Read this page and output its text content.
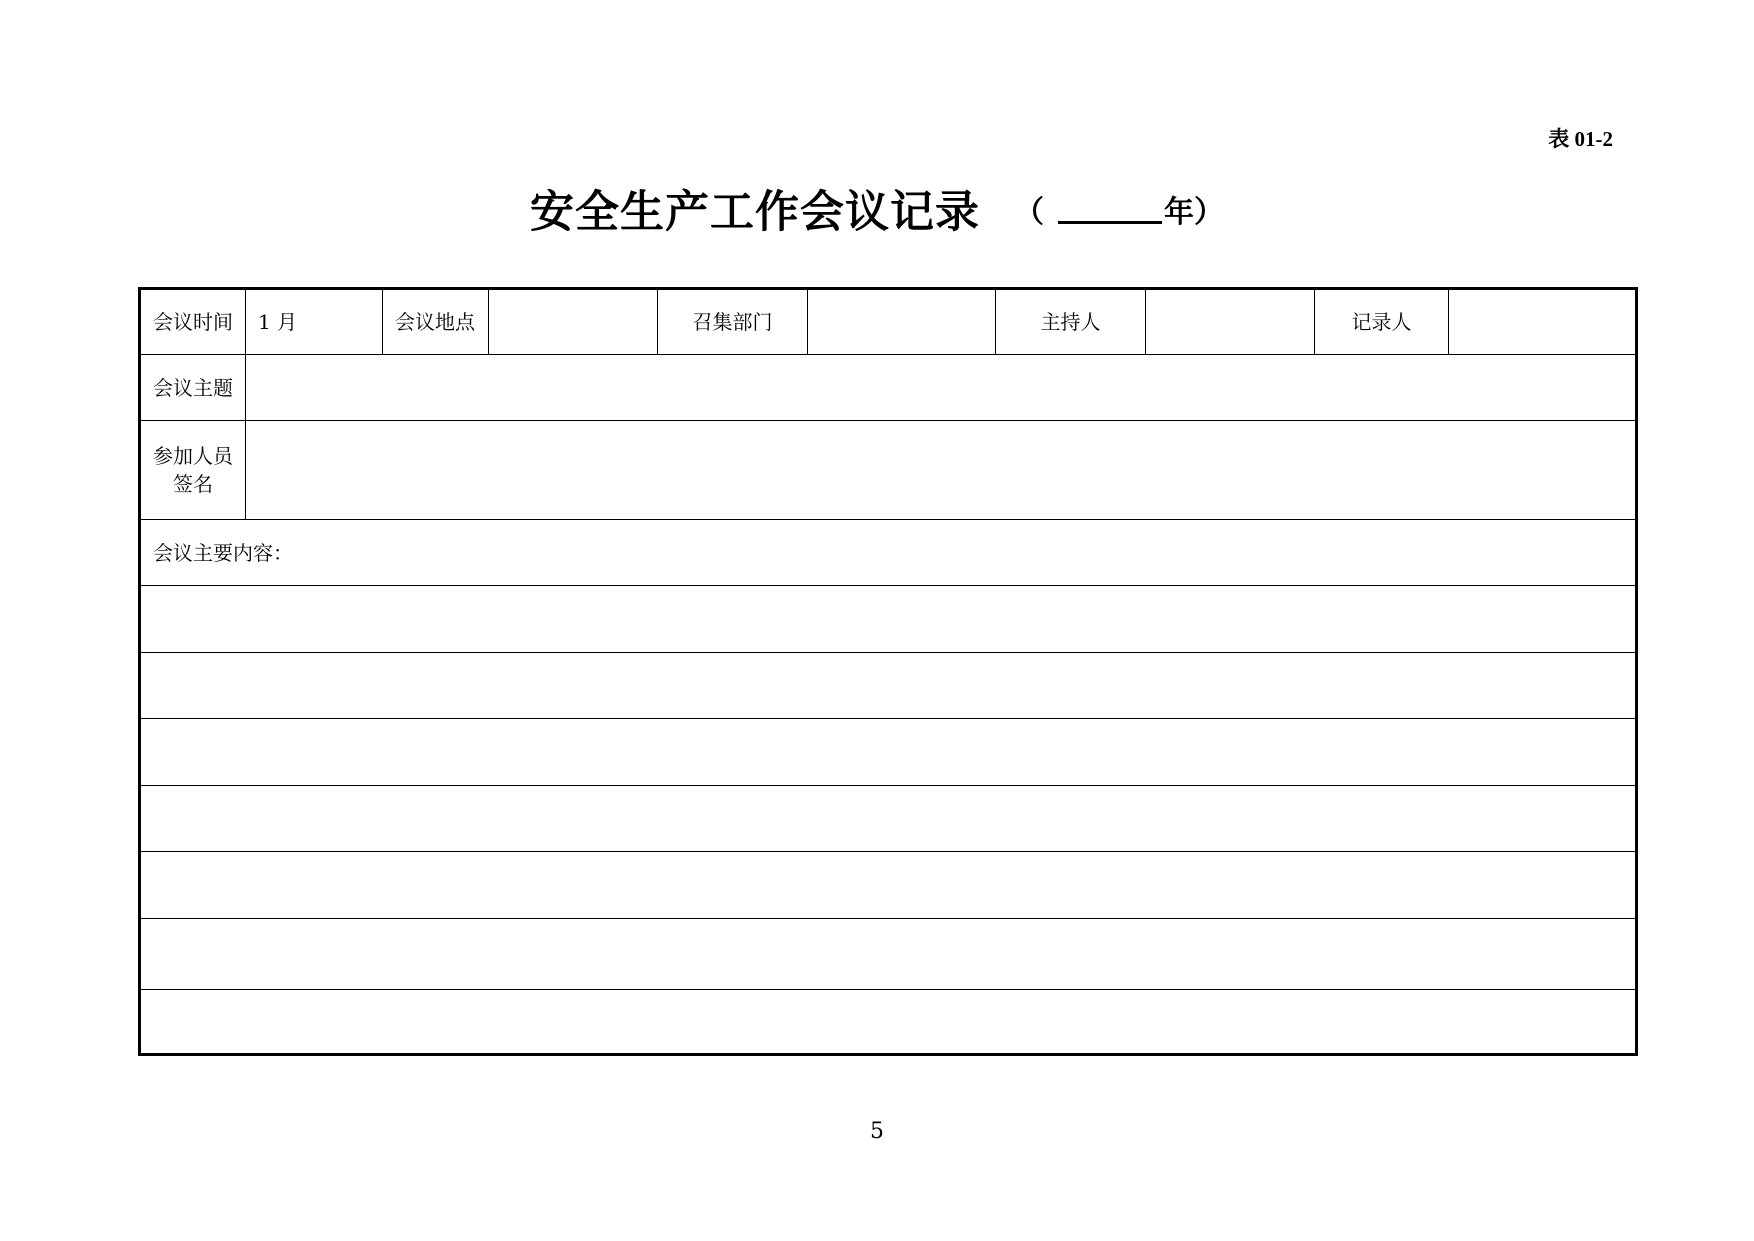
表 01-2
安全生产工作会议记录 （	年）
会议时间	1 月	会议地点		召集部门		主持人		记录人	
会议主题									

参加人员
签名									

会议主要内容：									

5
